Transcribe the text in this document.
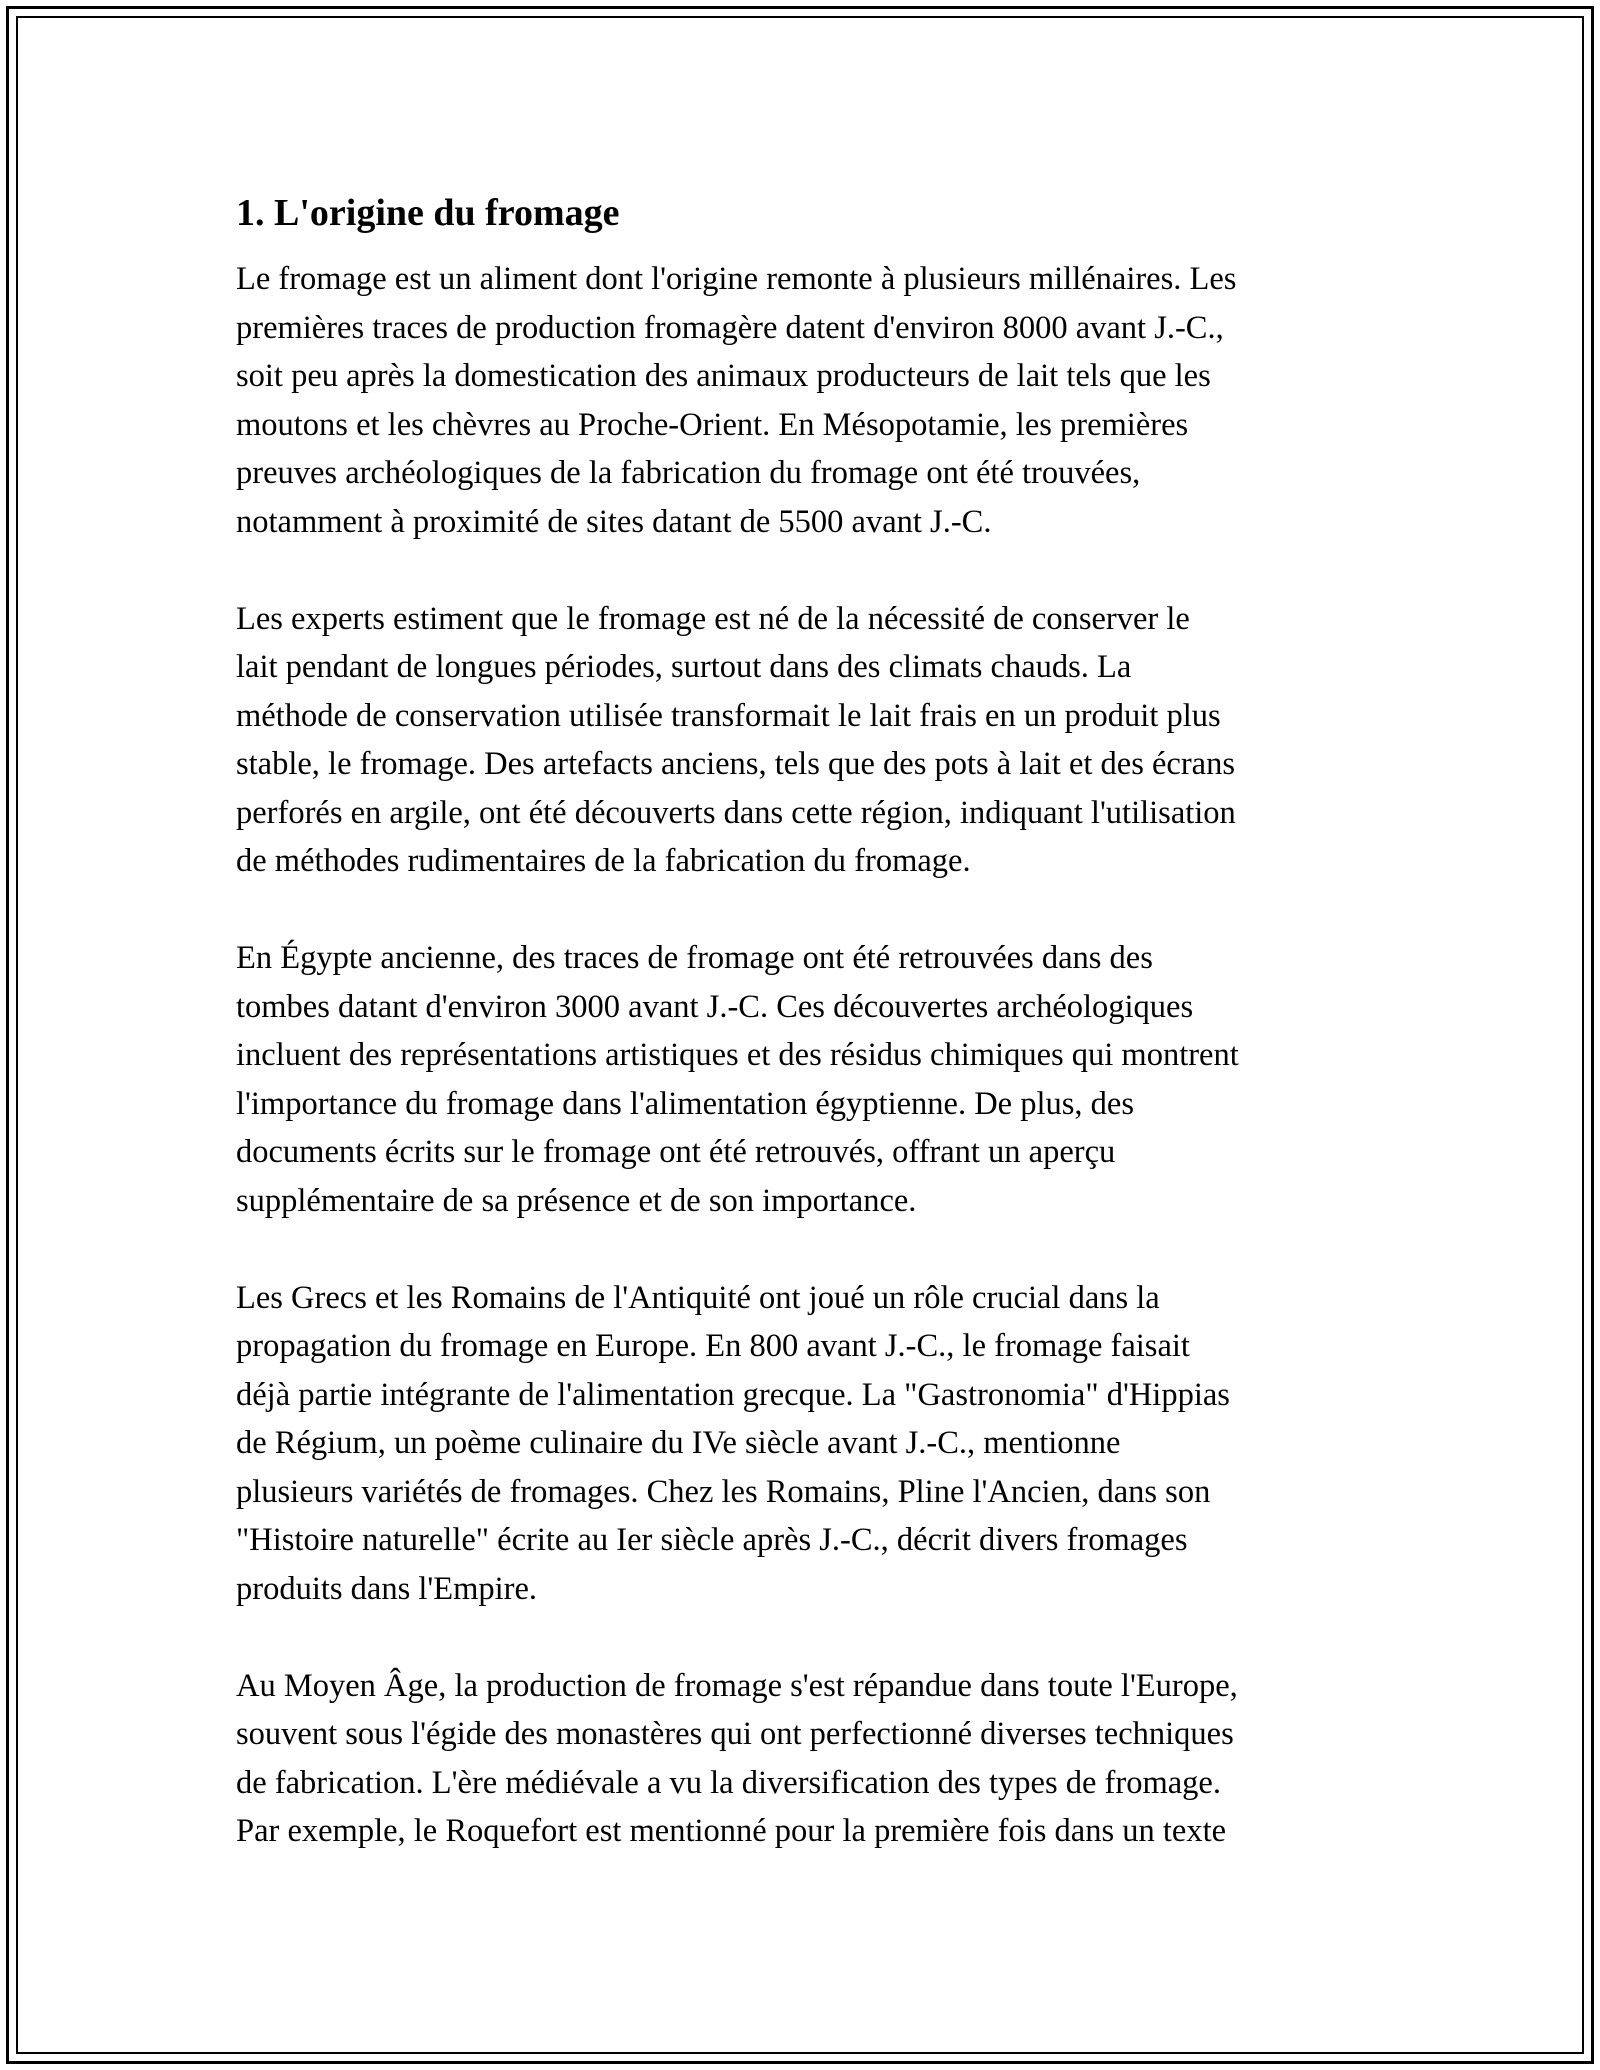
1. L'origine du fromage

Le fromage est un aliment dont l'origine remonte à plusieurs millénaires. Les
premières traces de production fromagère datent d'environ 8000 avant J.-C.,
soit peu après la domestication des animaux producteurs de lait tels que les
moutons et les chèvres au Proche-Orient. En Mésopotamie, les premières
preuves archéologiques de la fabrication du fromage ont été trouvées,
notamment à proximité de sites datant de 5500 avant J.-C.

Les experts estiment que le fromage est né de la nécessité de conserver le
lait pendant de longues périodes, surtout dans des climats chauds. La
méthode de conservation utilisée transformait le lait frais en un produit plus
stable, le fromage. Des artefacts anciens, tels que des pots à lait et des écrans
perforés en argile, ont été découverts dans cette région, indiquant l'utilisation
de méthodes rudimentaires de la fabrication du fromage.

En Égypte ancienne, des traces de fromage ont été retrouvées dans des
tombes datant d'environ 3000 avant J.-C. Ces découvertes archéologiques
incluent des représentations artistiques et des résidus chimiques qui montrent
l'importance du fromage dans l'alimentation égyptienne. De plus, des
documents écrits sur le fromage ont été retrouvés, offrant un aperçu
supplémentaire de sa présence et de son importance.

Les Grecs et les Romains de l'Antiquité ont joué un rôle crucial dans la
propagation du fromage en Europe. En 800 avant J.-C., le fromage faisait
déjà partie intégrante de l'alimentation grecque. La "Gastronomia" d'Hippias
de Régium, un poème culinaire du IVe siècle avant J.-C., mentionne
plusieurs variétés de fromages. Chez les Romains, Pline l'Ancien, dans son
"Histoire naturelle" écrite au Ier siècle après J.-C., décrit divers fromages
produits dans l'Empire.

Au Moyen Âge, la production de fromage s'est répandue dans toute l'Europe,
souvent sous l'égide des monastères qui ont perfectionné diverses techniques
de fabrication. L'ère médiévale a vu la diversification des types de fromage.
Par exemple, le Roquefort est mentionné pour la première fois dans un texte
